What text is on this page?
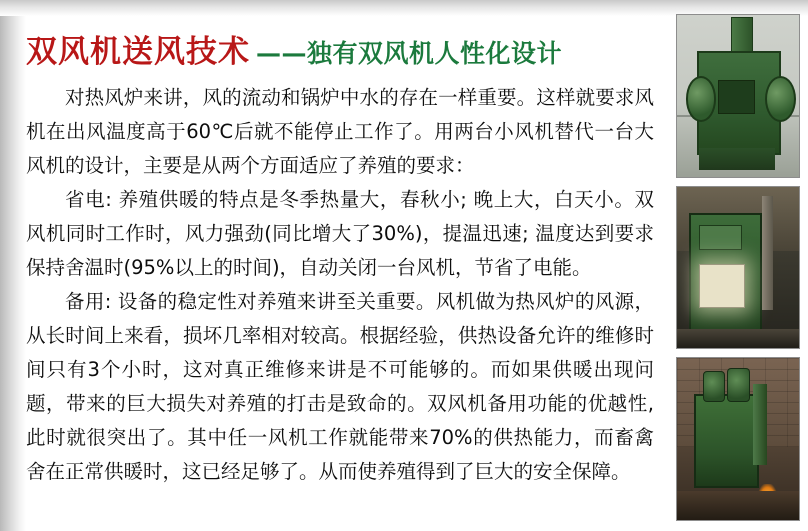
双风机送风技术 ——独有双风机人性化设计

对热风炉来讲，风的流动和锅炉中水的存在一样重要。这样就要求风机在出风温度高于60℃后就不能停止工作了。用两台小风机替代一台大风机的设计，主要是从两个方面适应了养殖的要求：

省电: 养殖供暖的特点是冬季热量大，春秋小; 晚上大，白天小。双风机同时工作时，风力强劲(同比增大了30%)，提温迅速; 温度达到要求保持舍温时(95%以上的时间)，自动关闭一台风机，节省了电能。

备用: 设备的稳定性对养殖来讲至关重要。风机做为热风炉的风源，从长时间上来看，损坏几率相对较高。根据经验，供热设备允许的维修时间只有3个小时，这对真正维修来讲是不可能够的。而如果供暖出现问题，带来的巨大损失对养殖的打击是致命的。双风机备用功能的优越性, 此时就很突出了。其中任一风机工作就能带来70%的供热能力，而畜禽舍在正常供暖时，这已经足够了。从而使养殖得到了巨大的安全保障。
